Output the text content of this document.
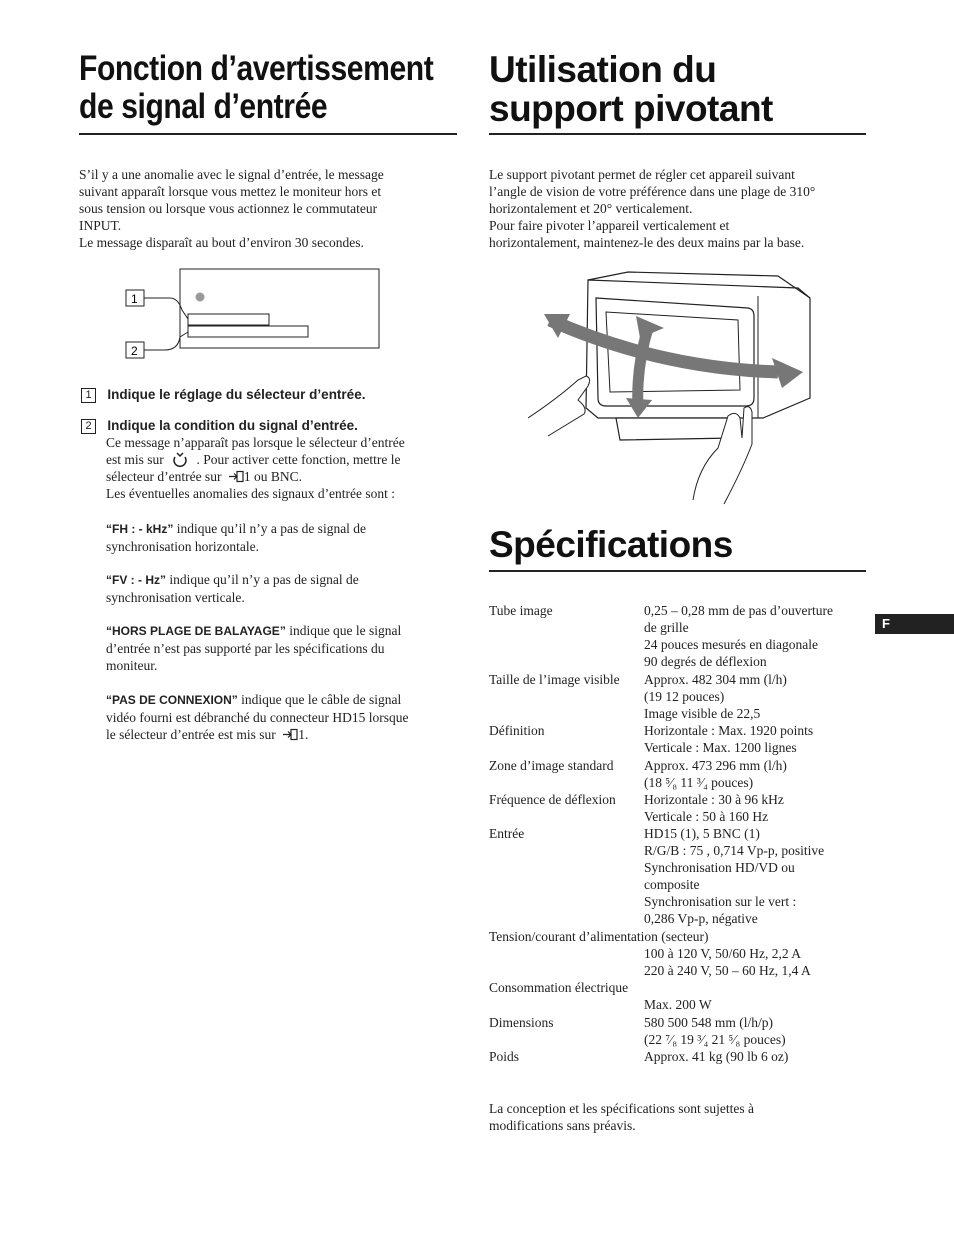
Fonction d’avertissement
de signal d’entrée
S’il y a une anomalie avec le signal d’entrée, le message
suivant apparaît lorsque vous mettez le moniteur hors et
sous tension ou lorsque vous actionnez le commutateur
INPUT.
Le message disparaît au bout d’environ 30 secondes.
1
2
1 Indique le réglage du sélecteur d’entrée.
2 Indique la condition du signal d’entrée.
Ce message n’apparaît pas lorsque le sélecteur d’entrée
est mis sur . Pour activer cette fonction, mettre le
sélecteur d’entrée sur 1 ou BNC.
Les éventuelles anomalies des signaux d’entrée sont :
“FH : - kHz” indique qu’il n’y a pas de signal de
synchronisation horizontale.
“FV : - Hz” indique qu’il n’y a pas de signal de
synchronisation verticale.
“HORS PLAGE DE BALAYAGE” indique que le signal
d’entrée n’est pas supporté par les spécifications du
moniteur.
“PAS DE CONNEXION” indique que le câble de signal
vidéo fourni est débranché du connecteur HD15 lorsque
le sélecteur d’entrée est mis sur 1.
Utilisation du
support pivotant
Le support pivotant permet de régler cet appareil suivant
l’angle de vision de votre préférence dans une plage de 310°
horizontalement et 20° verticalement.
Pour faire pivoter l’appareil verticalement et
horizontalement, maintenez-le des deux mains par la base.
Spécifications
Tube image	0,25 – 0,28 mm de pas d’ouverture
de grille
24 pouces mesurés en diagonale
90 degrés de déflexion
Taille de l’image visible	Approx. 482 304 mm (l/h)
(19 12 pouces)
Image visible de 22,5
Définition	Horizontale : Max. 1920 points
Verticale : Max. 1200 lignes
Zone d’image standard	Approx. 473 296 mm (l/h)
(18 ⁵⁄₈ 11 ³⁄₄ pouces)
Fréquence de déflexion	Horizontale : 30 à 96 kHz
Verticale : 50 à 160 Hz
Entrée	HD15 (1), 5 BNC (1)
R/G/B : 75 , 0,714 Vp-p, positive
Synchronisation HD/VD ou
composite
Synchronisation sur le vert :
0,286 Vp-p, négative
Tension/courant d’alimentation (secteur)
100 à 120 V, 50/60 Hz, 2,2 A
220 à 240 V, 50 – 60 Hz, 1,4 A
Consommation électrique
Max. 200 W
Dimensions	580 500 548 mm (l/h/p)
(22 ⁷⁄₈ 19 ³⁄₄ 21 ⁵⁄₈ pouces)
Poids	Approx. 41 kg (90 lb 6 oz)
La conception et les spécifications sont sujettes à
modifications sans préavis.
F
